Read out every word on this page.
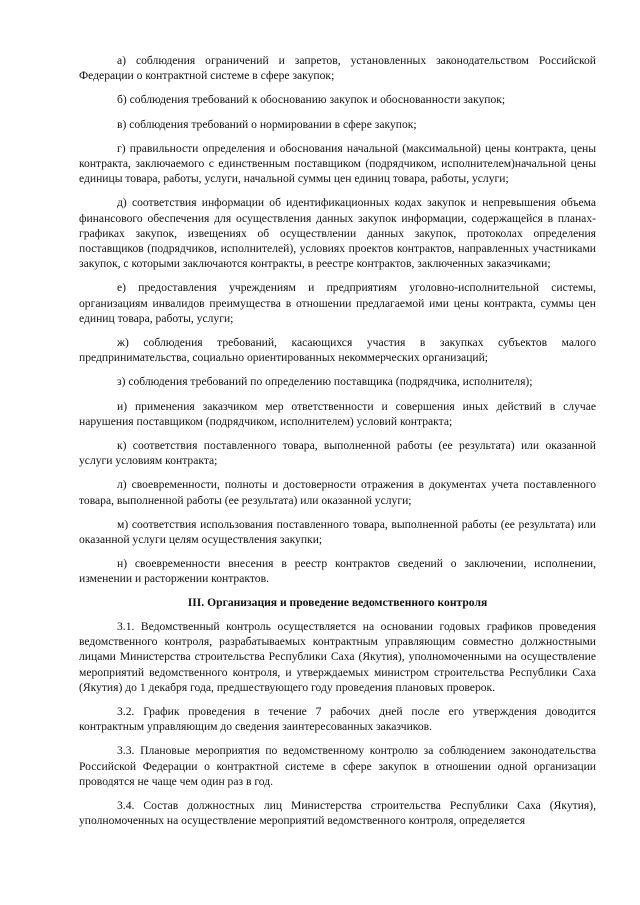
а) соблюдения ограничений и запретов, установленных законодательством Российской Федерации о контрактной системе в сфере закупок;

б) соблюдения требований к обоснованию закупок и обоснованности закупок;

в) соблюдения требований о нормировании в сфере закупок;

г) правильности определения и обоснования начальной (максимальной) цены контракта, цены контракта, заключаемого с единственным поставщиком (подрядчиком, исполнителем)начальной цены единицы товара, работы, услуги, начальной суммы цен единиц товара, работы, услуги;

д) соответствия информации об идентификационных кодах закупок и непревышения объема финансового обеспечения для осуществления данных закупок информации, содержащейся в планах-графиках закупок, извещениях об осуществлении данных закупок, протоколах определения поставщиков (подрядчиков, исполнителей), условиях проектов контрактов, направленных участниками закупок, с которыми заключаются контракты, в реестре контрактов, заключенных заказчиками;

е) предоставления учреждениям и предприятиям уголовно-исполнительной системы, организациям инвалидов преимущества в отношении предлагаемой ими цены контракта, суммы цен единиц товара, работы, услуги;

ж) соблюдения требований, касающихся участия в закупках субъектов малого предпринимательства, социально ориентированных некоммерческих организаций;

з) соблюдения требований по определению поставщика (подрядчика, исполнителя);

и) применения заказчиком мер ответственности и совершения иных действий в случае нарушения поставщиком (подрядчиком, исполнителем) условий контракта;

к) соответствия поставленного товара, выполненной работы (ее результата) или оказанной услуги условиям контракта;

л) своевременности, полноты и достоверности отражения в документах учета поставленного товара, выполненной работы (ее результата) или оказанной услуги;

м) соответствия использования поставленного товара, выполненной работы (ее результата) или оказанной услуги целям осуществления закупки;

н) своевременности внесения в реестр контрактов сведений о заключении, исполнении, изменении и расторжении контрактов.

III. Организация и проведение ведомственного контроля

3.1. Ведомственный контроль осуществляется на основании годовых графиков проведения ведомственного контроля, разрабатываемых контрактным управляющим совместно должностными лицами Министерства строительства Республики Саха (Якутия), уполномоченными на осуществление мероприятий ведомственного контроля, и утверждаемых министром строительства Республики Саха (Якутия) до 1 декабря года, предшествующего году проведения плановых проверок.

3.2. График проведения в течение 7 рабочих дней после его утверждения доводится контрактным управляющим до сведения заинтересованных заказчиков.

3.3. Плановые мероприятия по ведомственному контролю за соблюдением законодательства Российской Федерации о контрактной системе в сфере закупок в отношении одной организации проводятся не чаще чем один раз в год.

3.4. Состав должностных лиц Министерства строительства Республики Саха (Якутия), уполномоченных на осуществление мероприятий ведомственного контроля, определяется
